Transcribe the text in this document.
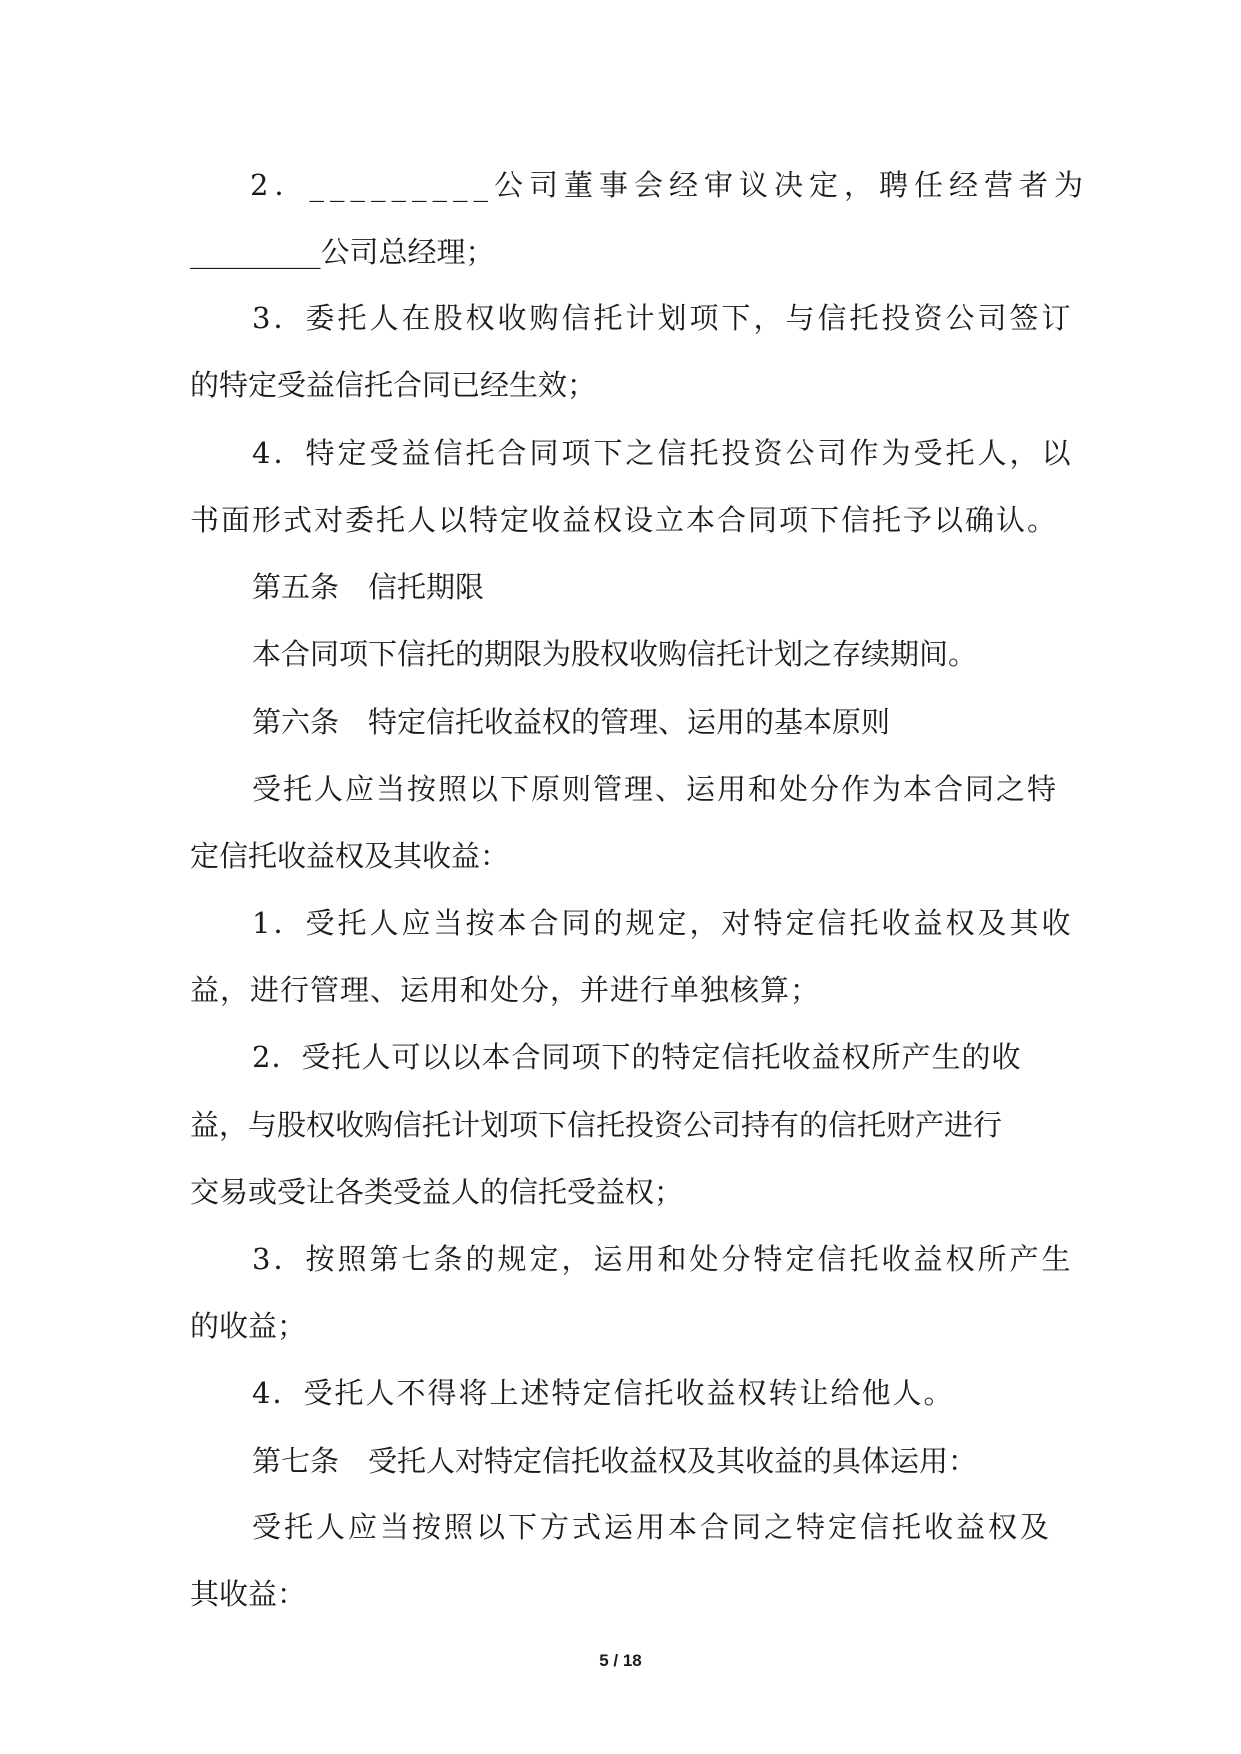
2．_________公司董事会经审议决定，聘任经营者为
_________公司总经理；
3．委托人在股权收购信托计划项下，与信托投资公司签订
的特定受益信托合同已经生效；
4．特定受益信托合同项下之信托投资公司作为受托人，以
书面形式对委托人以特定收益权设立本合同项下信托予以确认。
第五条　信托期限
本合同项下信托的期限为股权收购信托计划之存续期间。
第六条　特定信托收益权的管理、运用的基本原则
受托人应当按照以下原则管理、运用和处分作为本合同之特
定信托收益权及其收益：
1．受托人应当按本合同的规定，对特定信托收益权及其收
益，进行管理、运用和处分，并进行单独核算；
2．受托人可以以本合同项下的特定信托收益权所产生的收
益，与股权收购信托计划项下信托投资公司持有的信托财产进行
交易或受让各类受益人的信托受益权；
3．按照第七条的规定，运用和处分特定信托收益权所产生
的收益；
4．受托人不得将上述特定信托收益权转让给他人。
第七条　受托人对特定信托收益权及其收益的具体运用：
受托人应当按照以下方式运用本合同之特定信托收益权及
其收益：
5 / 18
